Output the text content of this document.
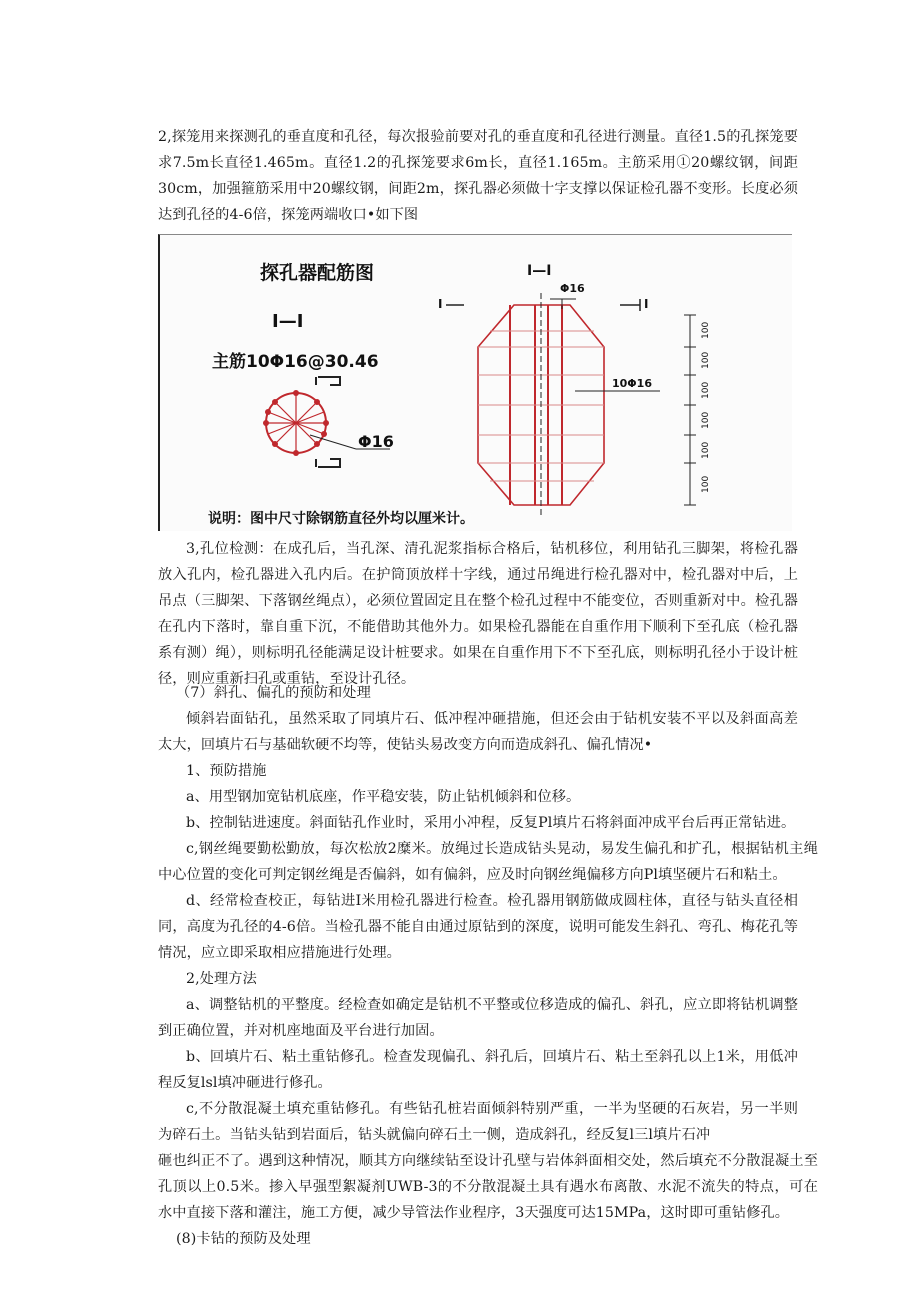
2,探笼用来探测孔的垂直度和孔径，每次报验前要对孔的垂直度和孔径进行测量。直径1.5的孔探笼要求7.5m长直径1.465m。直径1.2的孔探笼要求6m长，直径1.165m。主筋采用①20螺纹钢，间距30cm，加强箍筋采用中20螺纹钢，间距2m，探孔器必须做十字支撑以保证检孔器不变形。长度必须达到孔径的4-6倍，探笼两端收口•如下图

探孔器配筋图	I—I
I—I
主筋10Φ16@30.46
Φ16
I	I
Φ16
10Φ16
100
100
100
100
100
100
说明：图中尺寸除钢筋直径外均以厘米计。

3,孔位检测：在成孔后，当孔深、清孔泥浆指标合格后，钻机移位，利用钻孔三脚架，将检孔器放入孔内，检孔器进入孔内后。在护筒顶放样十字线，通过吊绳进行检孔器对中，检孔器对中后，上吊点（三脚架、下落钢丝绳点），必须位置固定且在整个检孔过程中不能变位，否则重新对中。检孔器在孔内下落时，靠自重下沉，不能借助其他外力。如果检孔器能在自重作用下顺利下至孔底（检孔器系有测）绳），则标明孔径能满足设计桩要求。如果在自重作用下不下至孔底，则标明孔径小于设计桩径，则应重新扫孔或重钻，至设计孔径。

（7）斜孔、偏孔的预防和处理

倾斜岩面钻孔，虽然采取了同填片石、低冲程冲砸措施，但还会由于钻机安装不平以及斜面高差太大，回填片石与基础软硬不均等，使钻头易改变方向而造成斜孔、偏孔情况•

1、预防措施

a、用型钢加宽钻机底座，作平稳安装，防止钻机倾斜和位移。

b、控制钻进速度。斜面钻孔作业时，采用小冲程，反复Pl填片石将斜面冲成平台后再正常钻进。

c,钢丝绳要勤松勤放，每次松放2糜米。放绳过长造成钻头晃动，易发生偏孔和扩孔，根据钻机主绳中心位置的变化可判定钢丝绳是否偏斜，如有偏斜，应及时向钢丝绳偏移方向Pl填坚硬片石和粘土。

d、经常检查校正，每钻进I米用检孔器进行检查。检孔器用钢筋做成圆柱体，直径与钻头直径相同，高度为孔径的4-6倍。当检孔器不能自由通过原钻到的深度，说明可能发生斜孔、弯孔、梅花孔等情况，应立即采取相应措施进行处理。

2,处理方法

a、调整钻机的平整度。经检查如确定是钻机不平整或位移造成的偏孔、斜孔，应立即将钻机调整到正确位置，并对机座地面及平台进行加固。

b、回填片石、粘土重钻修孔。检查发现偏孔、斜孔后，回填片石、粘土至斜孔以上1米，用低冲程反复lsl填冲砸进行修孔。

c,不分散混凝土填充重钻修孔。有些钻孔桩岩面倾斜特别严重，一半为坚硬的石灰岩，另一半则为碎石土。当钻头钻到岩面后，钻头就偏向碎石土一侧，造成斜孔，经反复l三l填片石冲

砸也纠正不了。遇到这种情况，顺其方向继续钻至设计孔壁与岩体斜面相交处，然后填充不分散混凝土至孔顶以上0.5米。掺入早强型絮凝剂UWB-3的不分散混凝土具有遇水布离散、水泥不流失的特点，可在水中直接下落和灌注，施工方便，减少导管法作业程序，3天强度可达15MPa，这时即可重钻修孔。

(8)卡钻的预防及处理
